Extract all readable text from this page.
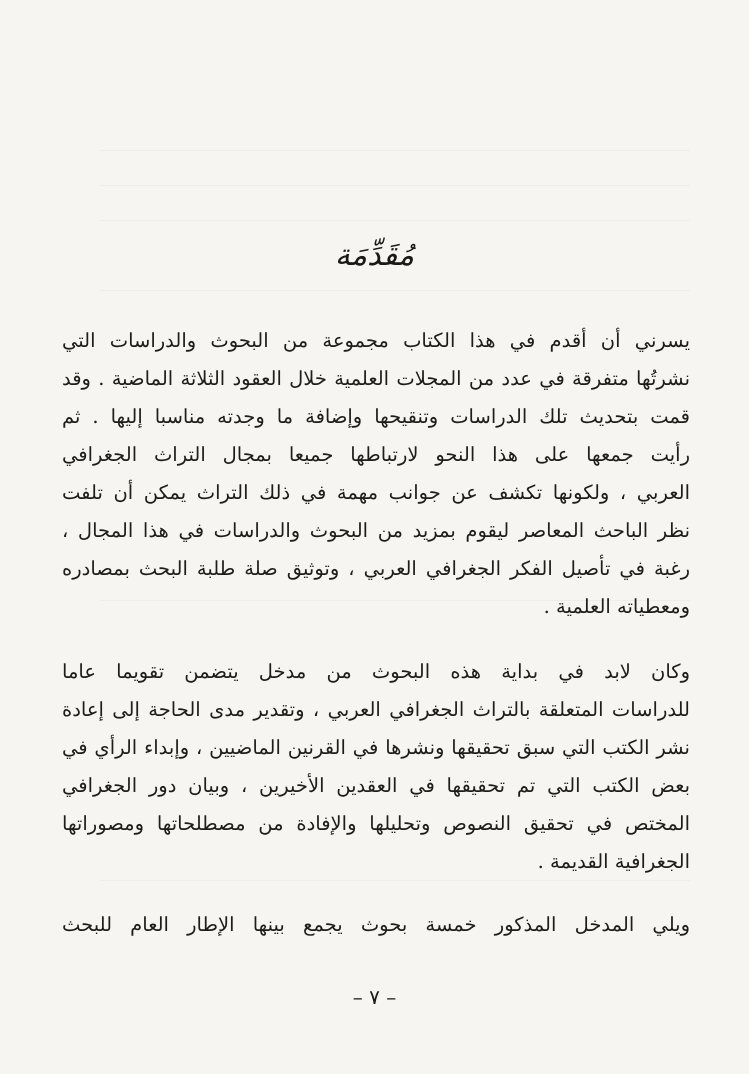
مُقَدِّمَة
يسرني أن أقدم في هذا الكتاب مجموعة من البحوث والدراسات التي
نشرتُها متفرقة في عدد من المجلات العلمية خلال العقود الثلاثة الماضية . وقد
قمت بتحديث تلك الدراسات وتنقيحها وإضافة ما وجدته مناسبا إليها . ثم
رأيت جمعها على هذا النحو لارتباطها جميعا بمجال التراث الجغرافي
العربي ، ولكونها تكشف عن جوانب مهمة في ذلك التراث يمكن أن تلفت
نظر الباحث المعاصر ليقوم بمزيد من البحوث والدراسات في هذا المجال ،
رغبة في تأصيل الفكر الجغرافي العربي ، وتوثيق صلة طلبة البحث بمصادره
ومعطياته العلمية .
وكان لابد في بداية هذه البحوث من مدخل يتضمن تقويما عاما
للدراسات المتعلقة بالتراث الجغرافي العربي ، وتقدير مدى الحاجة إلى إعادة
نشر الكتب التي سبق تحقيقها ونشرها في القرنين الماضيين ، وإبداء الرأي في
بعض الكتب التي تم تحقيقها في العقدين الأخيرين ، وبيان دور الجغرافي
المختص في تحقيق النصوص وتحليلها والإفادة من مصطلحاتها ومصوراتها
الجغرافية القديمة .
ويلي المدخل المذكور خمسة بحوث يجمع بينها الإطار العام للبحث
– ٧ –
